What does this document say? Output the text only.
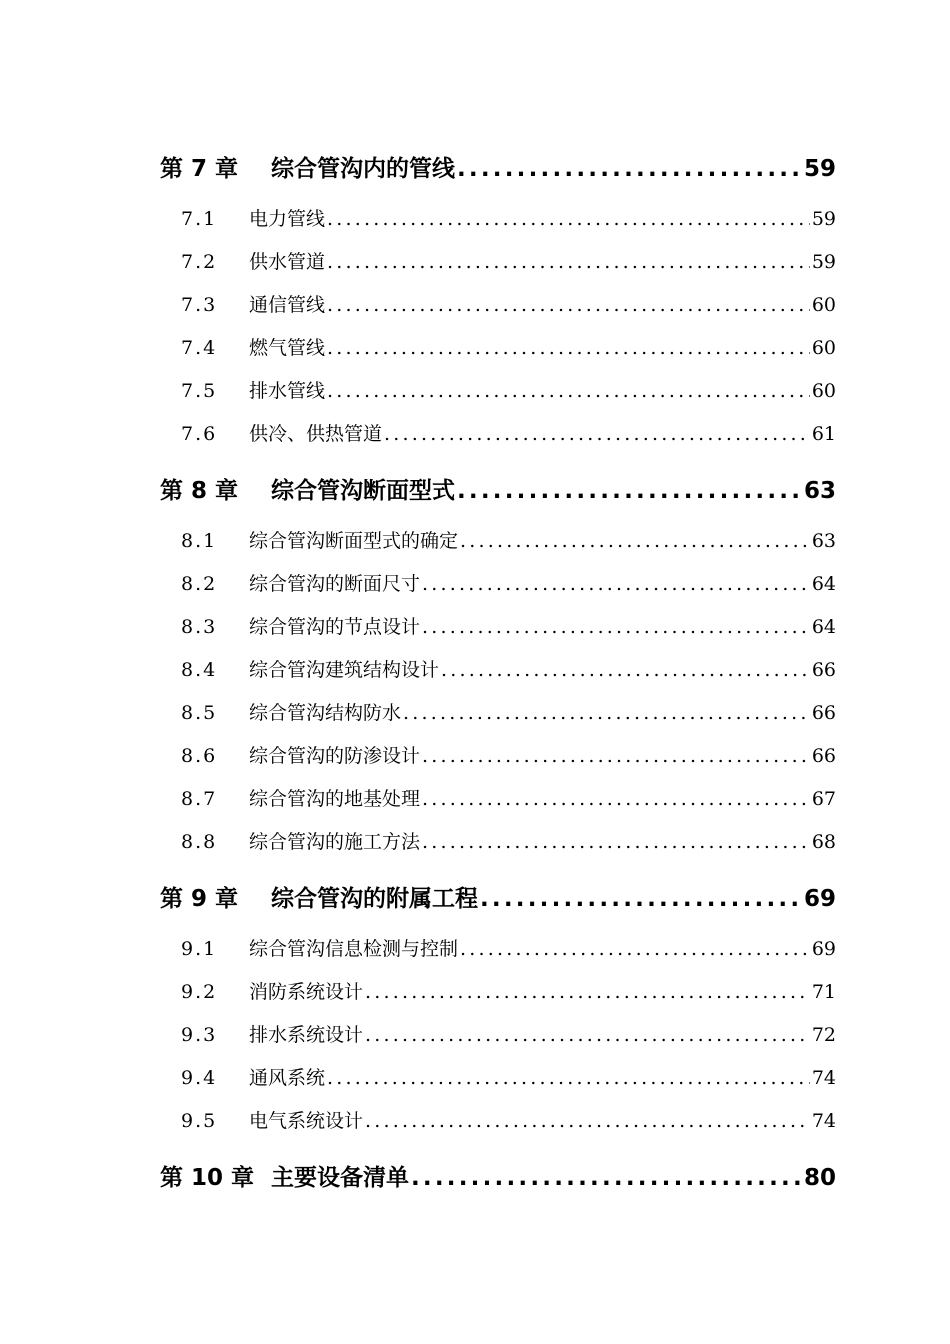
第 7 章	综合管沟内的管线 .....	59
7.1	电力管线 .....	59
7.2	供水管道 .....	59
7.3	通信管线 .....	60
7.4	燃气管线 .....	60
7.5	排水管线 .....	60
7.6	供冷、供热管道 .....	61
第 8 章	综合管沟断面型式 .....	63
8.1	综合管沟断面型式的确定 .....	63
8.2	综合管沟的断面尺寸 .....	64
8.3	综合管沟的节点设计 .....	64
8.4	综合管沟建筑结构设计 .....	66
8.5	综合管沟结构防水 .....	66
8.6	综合管沟的防渗设计 .....	66
8.7	综合管沟的地基处理 .....	67
8.8	综合管沟的施工方法 .....	68
第 9 章	综合管沟的附属工程 .....	69
9.1	综合管沟信息检测与控制 .....	69
9.2	消防系统设计 .....	71
9.3	排水系统设计 .....	72
9.4	通风系统 .....	74
9.5	电气系统设计 .....	74
第 10 章 主要设备清单 .....	80
